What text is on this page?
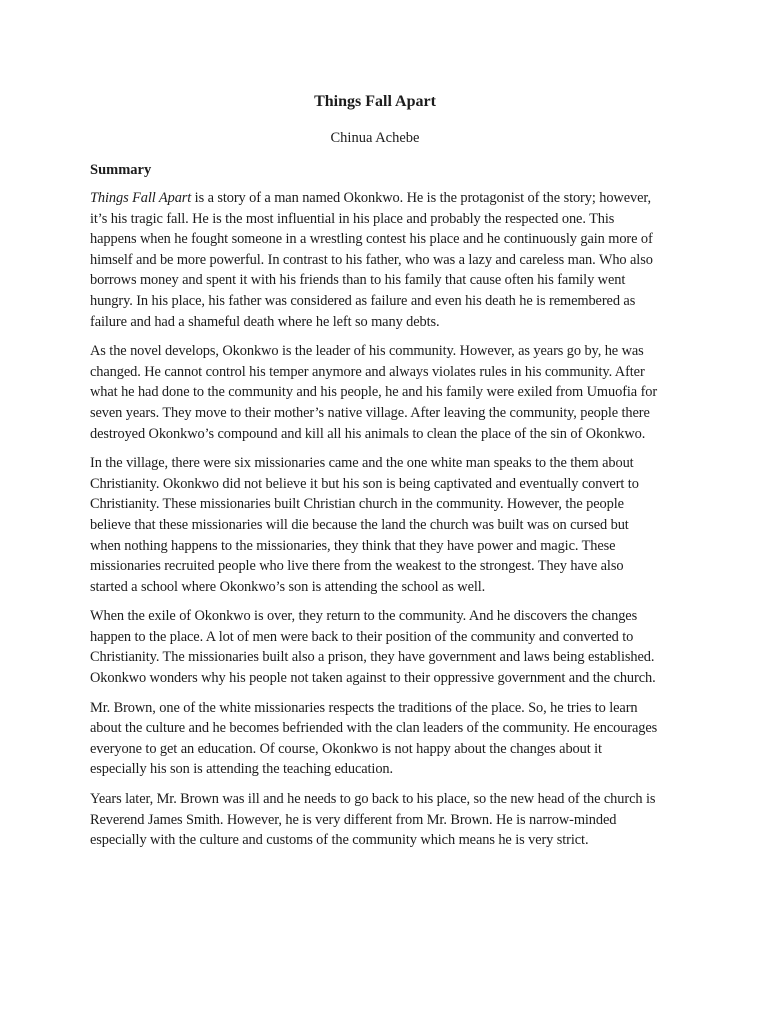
Things Fall Apart

Chinua Achebe

Summary

Things Fall Apart is a story of a man named Okonkwo. He is the protagonist of the story; however, it’s his tragic fall. He is the most influential in his place and probably the respected one. This happens when he fought someone in a wrestling contest his place and he continuously gain more of himself and be more powerful. In contrast to his father, who was a lazy and careless man. Who also borrows money and spent it with his friends than to his family that cause often his family went hungry. In his place, his father was considered as failure and even his death he is remembered as failure and had a shameful death where he left so many debts.

As the novel develops, Okonkwo is the leader of his community. However, as years go by, he was changed. He cannot control his temper anymore and always violates rules in his community. After what he had done to the community and his people, he and his family were exiled from Umuofia for seven years. They move to their mother’s native village. After leaving the community, people there destroyed Okonkwo’s compound and kill all his animals to clean the place of the sin of Okonkwo.

In the village, there were six missionaries came and the one white man speaks to the them about Christianity. Okonkwo did not believe it but his son is being captivated and eventually convert to Christianity. These missionaries built Christian church in the community. However, the people believe that these missionaries will die because the land the church was built was on cursed but when nothing happens to the missionaries, they think that they have power and magic. These missionaries recruited people who live there from the weakest to the strongest. They have also started a school where Okonkwo’s son is attending the school as well.

When the exile of Okonkwo is over, they return to the community. And he discovers the changes happen to the place. A lot of men were back to their position of the community and converted to Christianity. The missionaries built also a prison, they have government and laws being established. Okonkwo wonders why his people not taken against to their oppressive government and the church.

Mr. Brown, one of the white missionaries respects the traditions of the place. So, he tries to learn about the culture and he becomes befriended with the clan leaders of the community. He encourages everyone to get an education. Of course, Okonkwo is not happy about the changes about it especially his son is attending the teaching education.

Years later, Mr. Brown was ill and he needs to go back to his place, so the new head of the church is Reverend James Smith. However, he is very different from Mr. Brown. He is narrow-minded especially with the culture and customs of the community which means he is very strict.
